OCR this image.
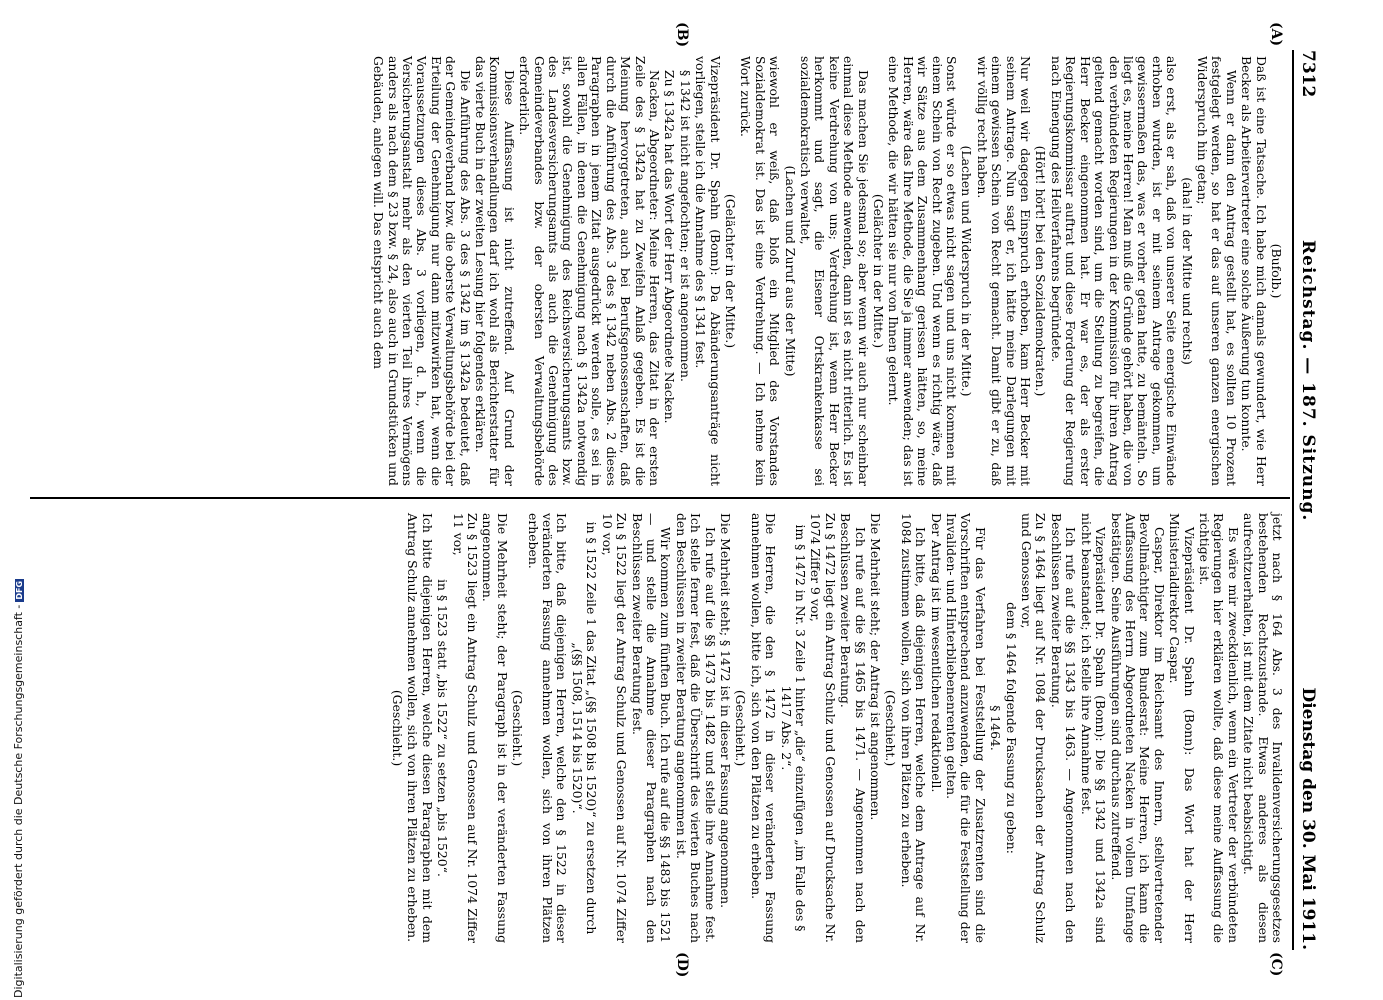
7312
Reichstag. — 187. Sitzung.
Dienstag den 30. Mai 1911.
(A)
(B)
(C)
(D)

(Bufolb.)

Daß ist eine Tatsache. Ich habe mich damals gewundert, wie Herr Becker als Arbeitervertreter eine solche Äußerung tun konnte.

Wenn er dann den Antrag gestellt hat, es sollten 10 Prozent festgelegt werden, so hat er das auf unseren ganzen energischen Widerspruch hin getan;

(aha! in der Mitte und rechts)

also erst, als er sah, daß von unserer Seite energische Einwände erhoben wurden, ist er mit seinem Antrage gekommen, um gewissermaßen das, was er vorher getan hatte, zu bemänteln. So liegt es, meine Herren! Man muß die Gründe gehört haben, die von den verbündeten Regierungen in der Kommission für ihren Antrag geltend gemacht worden sind, um die Stellung zu begreifen, die Herr Becker eingenommen hat. Er war es, der als erster Regierungskommissar auftrat und diese Forderung der Regierung nach Einengung des Heilverfahrens begründete.

(Hört! hört! bei den Sozialdemokraten.)

Nur weil wir dagegen Einspruch erhoben, kam Herr Becker mit seinem Antrage. Nun sagt er, ich hätte meine Darlegungen mit einem gewissen Schein von Recht gemacht. Damit gibt er zu, daß wir völlig recht haben.

(Lachen und Widerspruch in der Mitte.)

Sonst würde er so etwas nicht sagen und uns nicht kommen mit einem Schein von Recht zugeben. Und wenn es richtig wäre, daß wir Sätze aus dem Zusammenhang gerissen hätten, so, meine Herren, wäre das Ihre Methode, die Sie ja immer anwenden; das ist eine Methode, die wir hätten sie nur von Ihnen gelernt.

(Gelächter in der Mitte.)

Das machen Sie jedesmal so; aber wenn wir auch nur scheinbar einmal diese Methode anwenden, dann ist es nicht ritterlich. Es ist keine Verdrehung von uns; Verdrehung ist, wenn Herr Becker herkommt und sagt, die Eisener Ortskrankenkasse sei sozialdemokratisch verwaltet,

(Lachen und Zuruf aus der Mitte)

wiewohl er weiß, daß bloß ein Mitglied des Vorstandes Sozialdemokrat ist. Das ist eine Verdrehung. — Ich nehme kein Wort zurück.

(Gelächter in der Mitte.)

Vizepräsident Dr. Spahn (Bonn): Da Abänderungsanträge nicht vorliegen, stelle ich die Annahme des § 1341 fest.

§ 1342 ist nicht angefochten; er ist angenommen.

Zu § 1342a hat das Wort der Herr Abgeordnete Nacken.

Nacken, Abgeordneter: Meine Herren, das Zitat in der ersten Zeile des § 1342a hat zu Zweifeln Anlaß gegeben. Es ist die Meinung hervorgetreten, auch bei Berufsgenossenschaften, daß durch die Anführung des Abs. 3 des § 1342 neben Abs. 2 dieses Paragraphen in jenem Zitat ausgedrückt werden solle, es sei in allen Fällen, in denen die Genehmigung nach § 1342a notwendig ist, sowohl die Genehmigung des Reichsversicherungsamts bzw. des Landesversicherungsamts als auch die Genehmigung des Gemeindeverbandes bzw. der obersten Verwaltungsbehörde erforderlich.

Diese Auffassung ist nicht zutreffend. Auf Grund der Kommissionsverhandlungen darf ich wohl als Berichterstatter für das vierte Buch in der zweiten Lesung hier folgendes erklären.

Die Anführung des Abs. 3 des § 1342 im § 1342a bedeutet, daß der Gemeindeverband bzw. die oberste Verwaltungsbehörde bei der Erteilung der Genehmigung nur dann mitzuwirken hat, wenn die Voraussetzungen dieses Abs. 3 vorliegen, d. h., wenn die Versicherungsanstalt mehr als den vierten Teil ihres Vermögens anders als nach dem § 23 bzw. § 24, also auch in Grundstücken und Gebäuden, anlegen will. Das entspricht auch dem

jetzt nach § 164 Abs. 3 des Invalidenversicherungsgesetzes bestehenden Rechtszustande. Etwas anderes als diesen aufrechtzuerhalten, ist mit dem Zitate nicht beabsichtigt.

Es wäre mir zweckdienlich, wenn ein Vertreter der verbündeten Regierungen hier erklären wollte, daß diese meine Auffassung die richtige ist.

Vizepräsident Dr. Spahn (Bonn): Das Wort hat der Herr Ministerialdirektor Caspar.

Caspar, Direktor im Reichsamt des Innern, stellvertretender Bevollmächtigter zum Bundesrat: Meine Herren, ich kann die Auffassung des Herrn Abgeordneten Nacken in vollem Umfange bestätigen. Seine Ausführungen sind durchaus zutreffend.

Vizepräsident Dr. Spahn (Bonn): Die §§ 1342 und 1342a sind nicht beanstandet; ich stelle ihre Annahme fest.

Ich rufe auf die §§ 1343 bis 1463. — Angenommen nach den Beschlüssen zweiter Beratung.

Zu § 1464 liegt auf Nr. 1084 der Drucksachen der Antrag Schulz und Genossen vor,

dem § 1464 folgende Fassung zu geben:

§ 1464.

Für das Verfahren bei Feststellung der Zusatzrenten sind die Vorschriften entsprechend anzuwenden, die für die Feststellung der Invaliden- und Hinterbliebenenrenten gelten.

Der Antrag ist im wesentlichen redaktionell.

Ich bitte, daß diejenigen Herren, welche dem Antrage auf Nr. 1084 zustimmen wollen, sich von ihren Plätzen zu erheben.

(Geschieht.)

Die Mehrheit steht; der Antrag ist angenommen.

Ich rufe auf die §§ 1465 bis 1471. — Angenommen nach den Beschlüssen zweiter Beratung.

Zu § 1472 liegt ein Antrag Schulz und Genossen auf Drucksache Nr. 1074 Ziffer 9 vor,

im § 1472 in Nr. 3 Zeile 1 hinter „die“ einzufügen „im Falle des § 1417 Abs. 2“.

Die Herren, die den § 1472 in dieser veränderten Fassung annehmen wollen, bitte ich, sich von den Plätzen zu erheben.

(Geschieht.)

Die Mehrheit steht; § 1472 ist in dieser Fassung angenommen.

Ich rufe auf die §§ 1473 bis 1482 und stelle ihre Annahme fest. Ich stelle ferner fest, daß die Überschrift des vierten Buches nach den Beschlüssen in zweiter Beratung angenommen ist.

Wir kommen zum fünften Buch. Ich rufe auf die §§ 1483 bis 1521 — und stelle die Annahme dieser Paragraphen nach den Beschlüssen zweiter Beratung fest.

Zu § 1522 liegt der Antrag Schulz und Genossen auf Nr. 1074 Ziffer 10 vor,

in § 1522 Zeile 1 das Zitat „(§§ 1508 bis 1520)“ zu ersetzen durch „(§§ 1508, 1514 bis 1520)“.

Ich bitte, daß diejenigen Herren, welche den § 1522 in dieser veränderten Fassung annehmen wollen, sich von ihren Plätzen erheben.

(Geschieht.)

Die Mehrheit steht; der Paragraph ist in der veränderten Fassung angenommen.

Zu § 1523 liegt ein Antrag Schulz und Genossen auf Nr. 1074 Ziffer 11 vor,

in § 1523 statt „bis 1522“ zu setzen „bis 1520“.

Ich bitte diejenigen Herren, welche diesen Paragraphen mit dem Antrag Schulz annehmen wollen, sich von ihren Plätzen zu erheben.

(Geschieht.)

Digitalisierung gefördert durch die Deutsche Forschungsgemeinschaft -DFG
